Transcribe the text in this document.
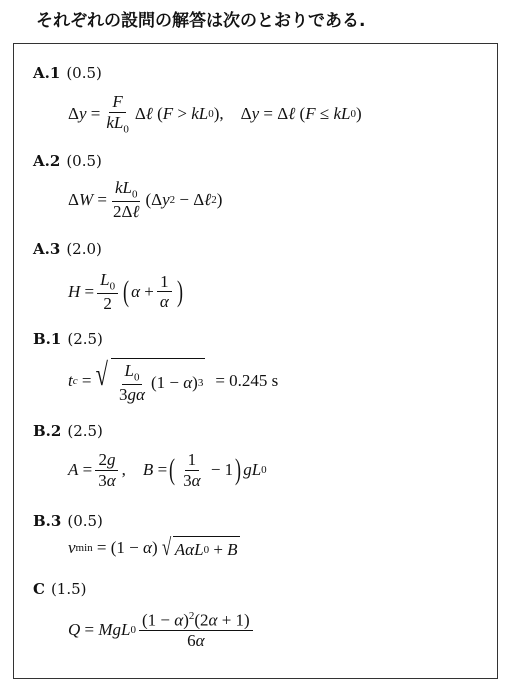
それぞれの設問の解答は次のとおりである.
A.1 (0.5)
Δ $y = \frac{F}{kL_0}$ Δ ℓ ( F > kL 0 ),    Δ y = Δ ℓ ( F ≤ kL 0 )
A.2 (0.5)
Δ $W = \frac{kL_0}{\text{2Δℓ}} (\Delta$ y 2 − Δ ℓ 2 )
A.3 (2.0)
$H = \frac{L_0}{2}$ ( $\alpha + \frac{1}{\alpha}$ )
B.1 (2.5)
t c = √ $\frac{L_0}{3g\alpha} (1 - \alpha$ ) 3 = 0.245 s
B.2 (2.5)
$A = \frac{2g}{3\alpha}$ , B = ( $\frac{1}{3\alpha} - 1$ ) gL 0
B.3 (0.5)
v min = (1 − α ) √ AαL 0 + B
C (1.5)
Q = MgL $0 \frac{(1 - \alpha)^2(2\alpha + 1)}{6\alpha}$
